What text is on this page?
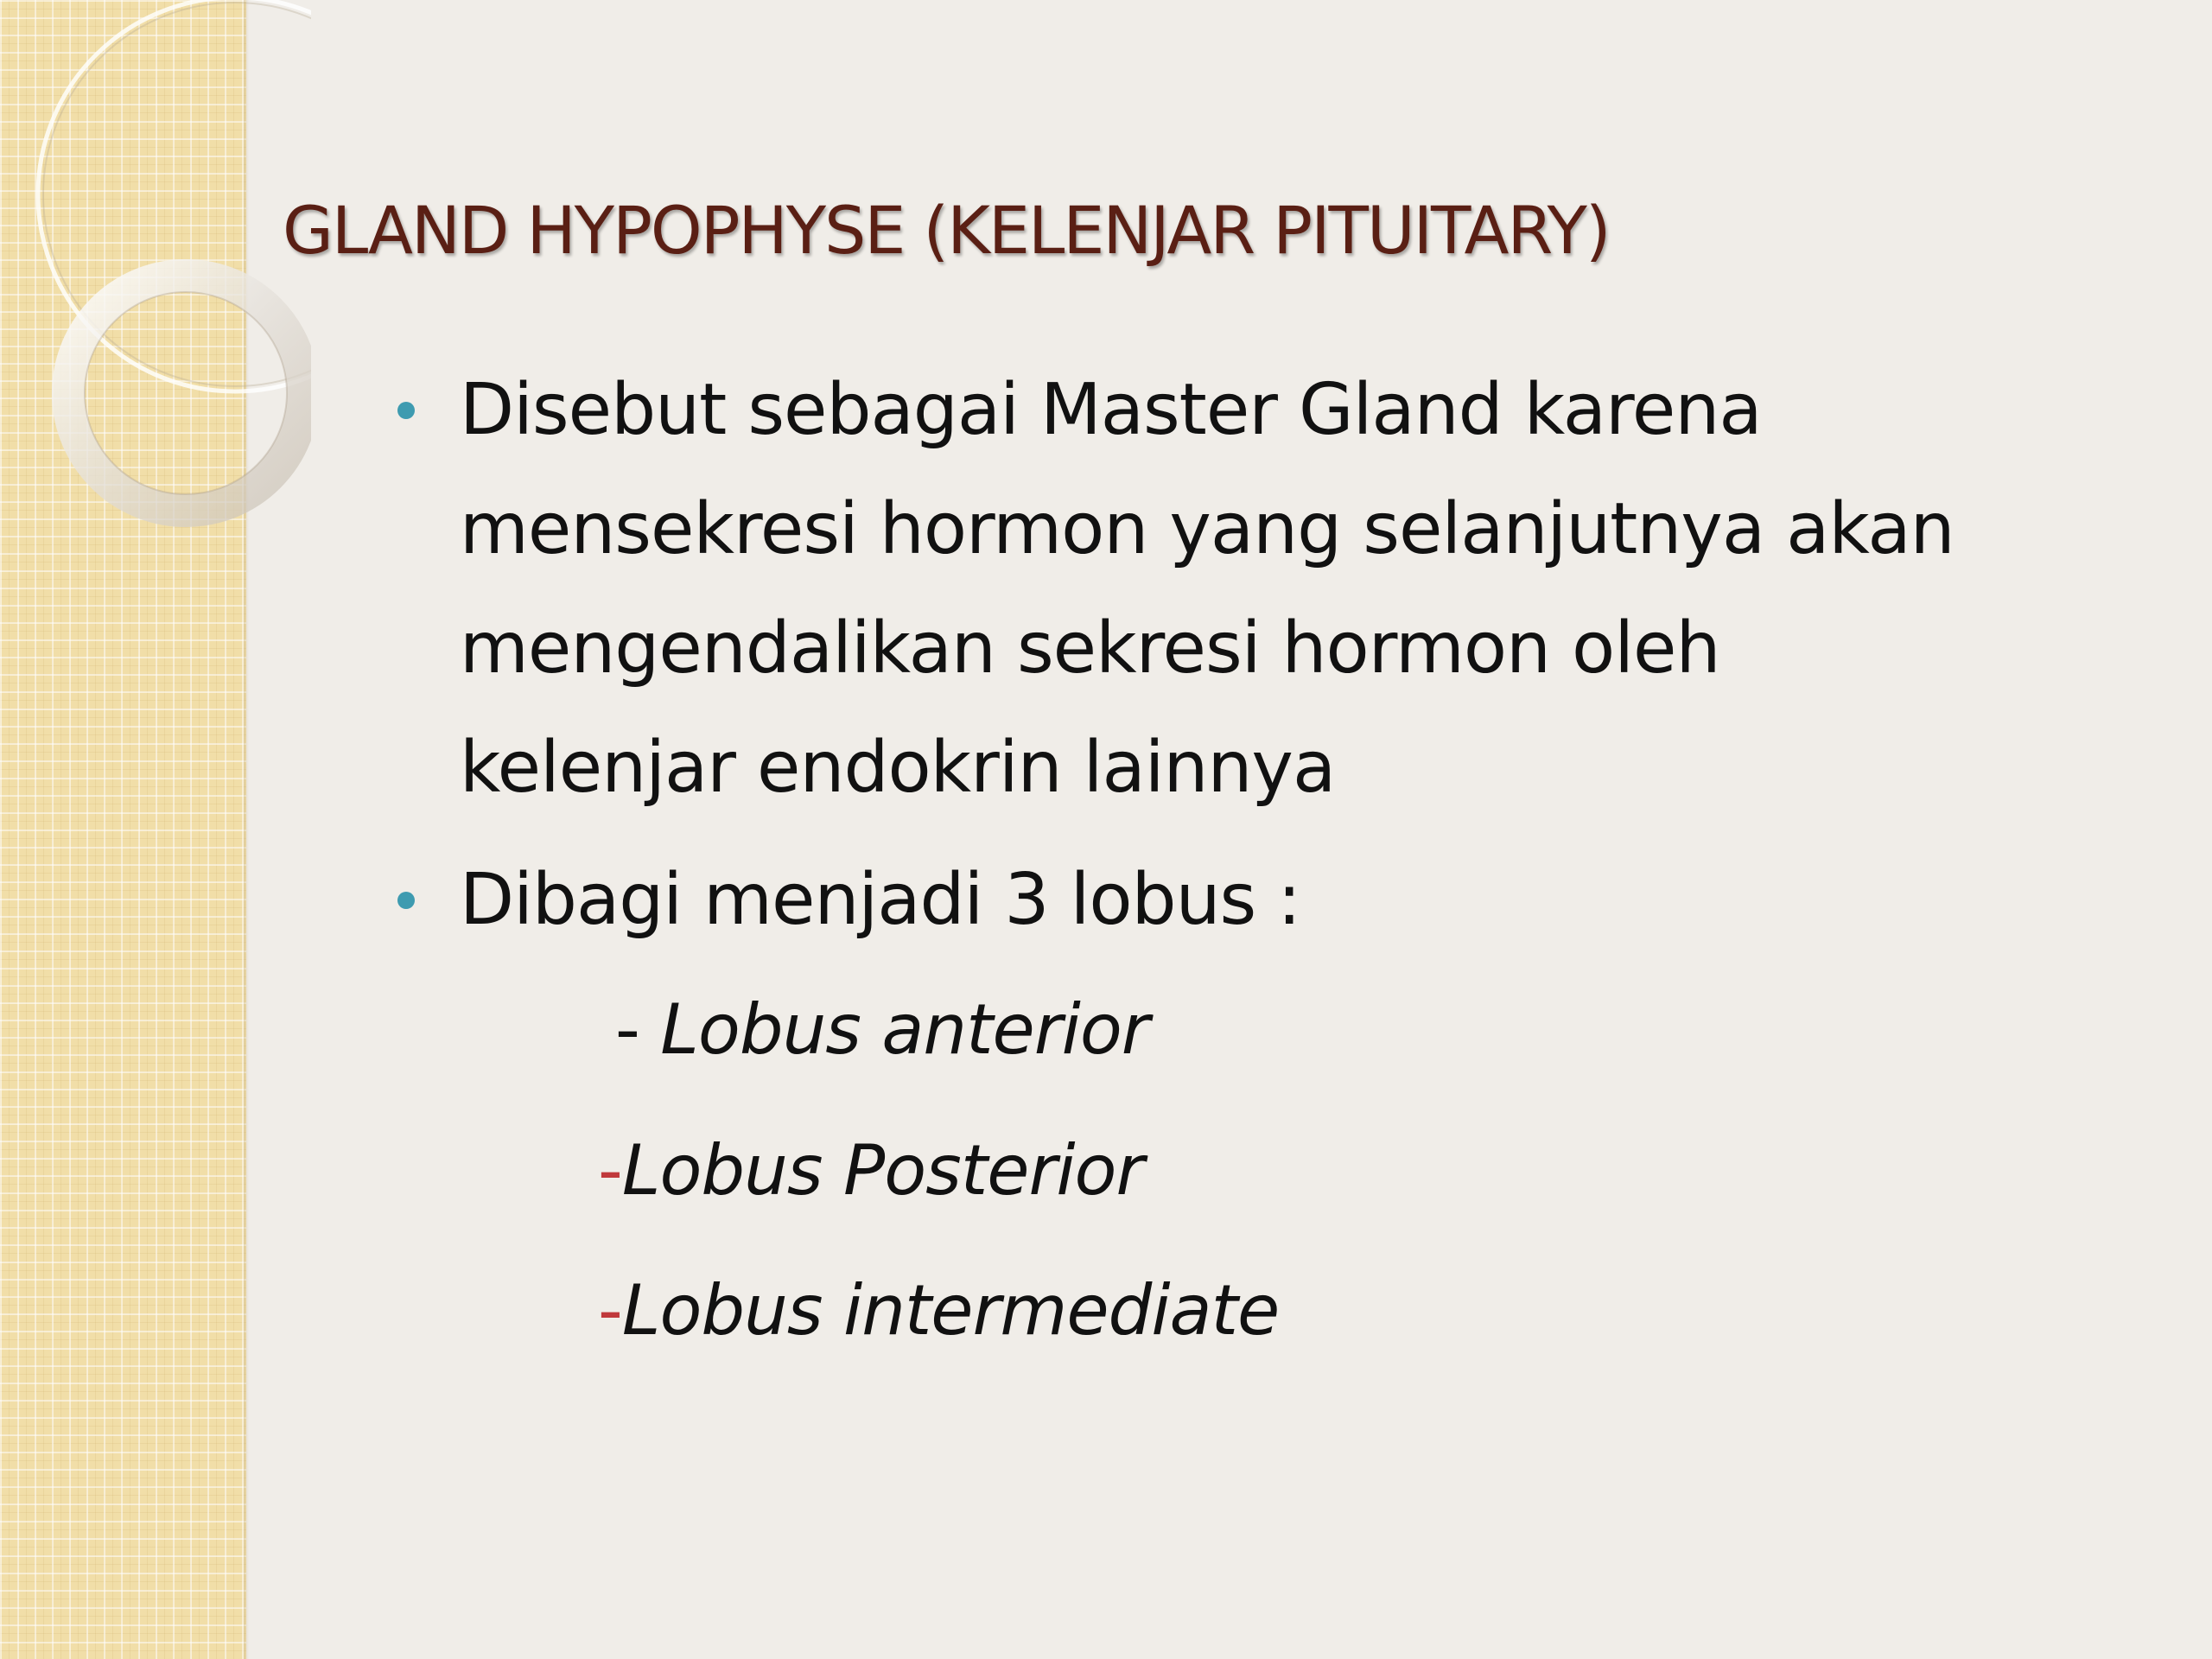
GLAND HYPOPHYSE (KELENJAR PITUITARY)

Disebut sebagai Master Gland karena

mensekresi hormon yang selanjutnya akan

mengendalikan sekresi hormon oleh

kelenjar endokrin lainnya

Dibagi menjadi 3 lobus :

- Lobus anterior

-Lobus Posterior

-Lobus intermediate
